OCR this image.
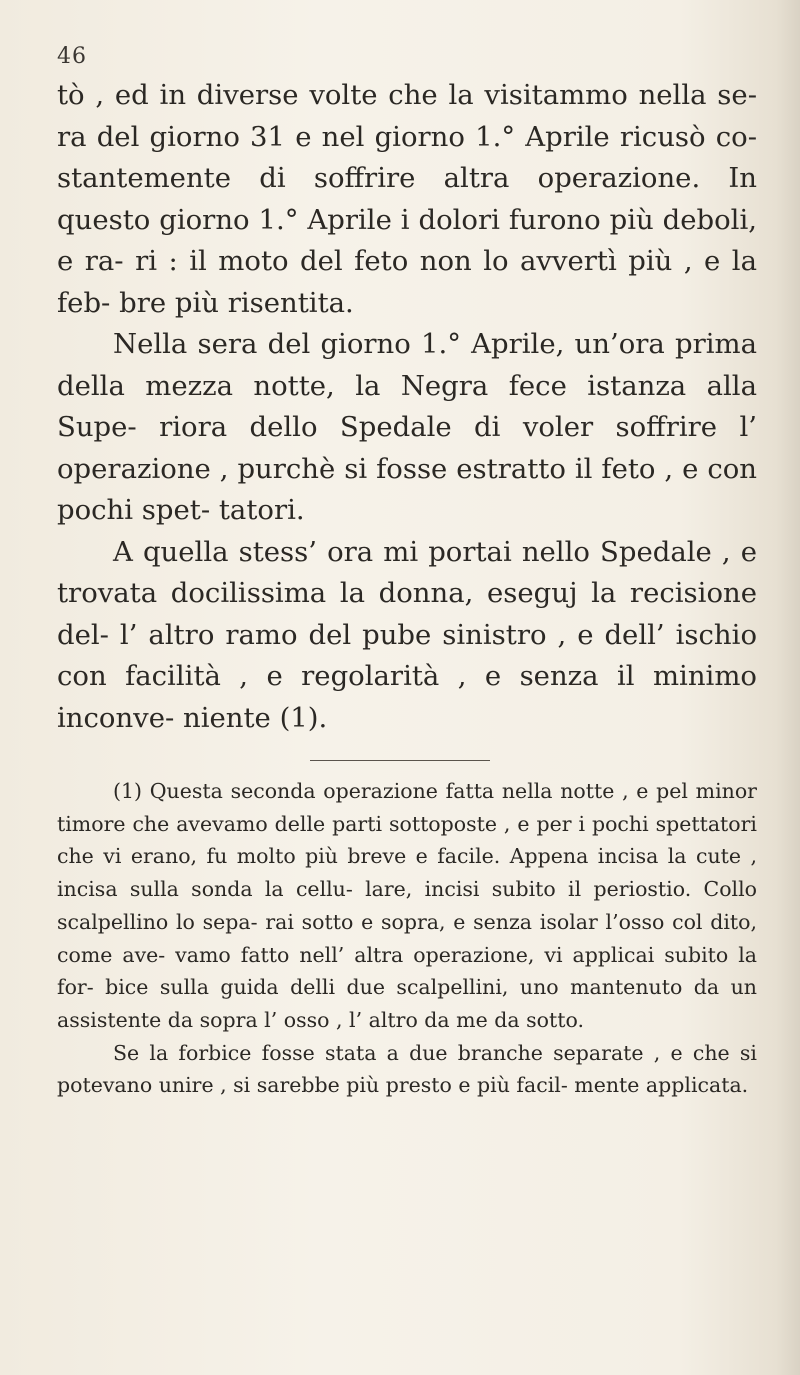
46

tò , ed in diverse volte che la visitammo nella se- ra del giorno 31 e nel giorno 1.° Aprile ricusò co- stantemente di soffrire altra operazione. In questo giorno 1.° Aprile i dolori furono più deboli, e ra- ri : il moto del feto non lo avvertì più , e la feb- bre più risentita.

Nella sera del giorno 1.° Aprile, un’ora prima della mezza notte, la Negra fece istanza alla Supe- riora dello Spedale di voler soffrire l’ operazione , purchè si fosse estratto il feto , e con pochi spet- tatori.

A quella stess’ ora mi portai nello Spedale , e trovata docilissima la donna, eseguj la recisione del- l’ altro ramo del pube sinistro , e dell’ ischio con facilità , e regolarità , e senza il minimo inconve- niente (1).

(1) Questa seconda operazione fatta nella notte , e pel minor timore che avevamo delle parti sottoposte , e per i pochi spettatori che vi erano, fu molto più breve e facile. Appena incisa la cute , incisa sulla sonda la cellu- lare, incisi subito il periostio. Collo scalpellino lo sepa- rai sotto e sopra, e senza isolar l’osso col dito, come ave- vamo fatto nell’ altra operazione, vi applicai subito la for- bice sulla guida delli due scalpellini, uno mantenuto da un assistente da sopra l’ osso , l’ altro da me da sotto.

Se la forbice fosse stata a due branche separate , e che si potevano unire , si sarebbe più presto e più facil- mente applicata.
